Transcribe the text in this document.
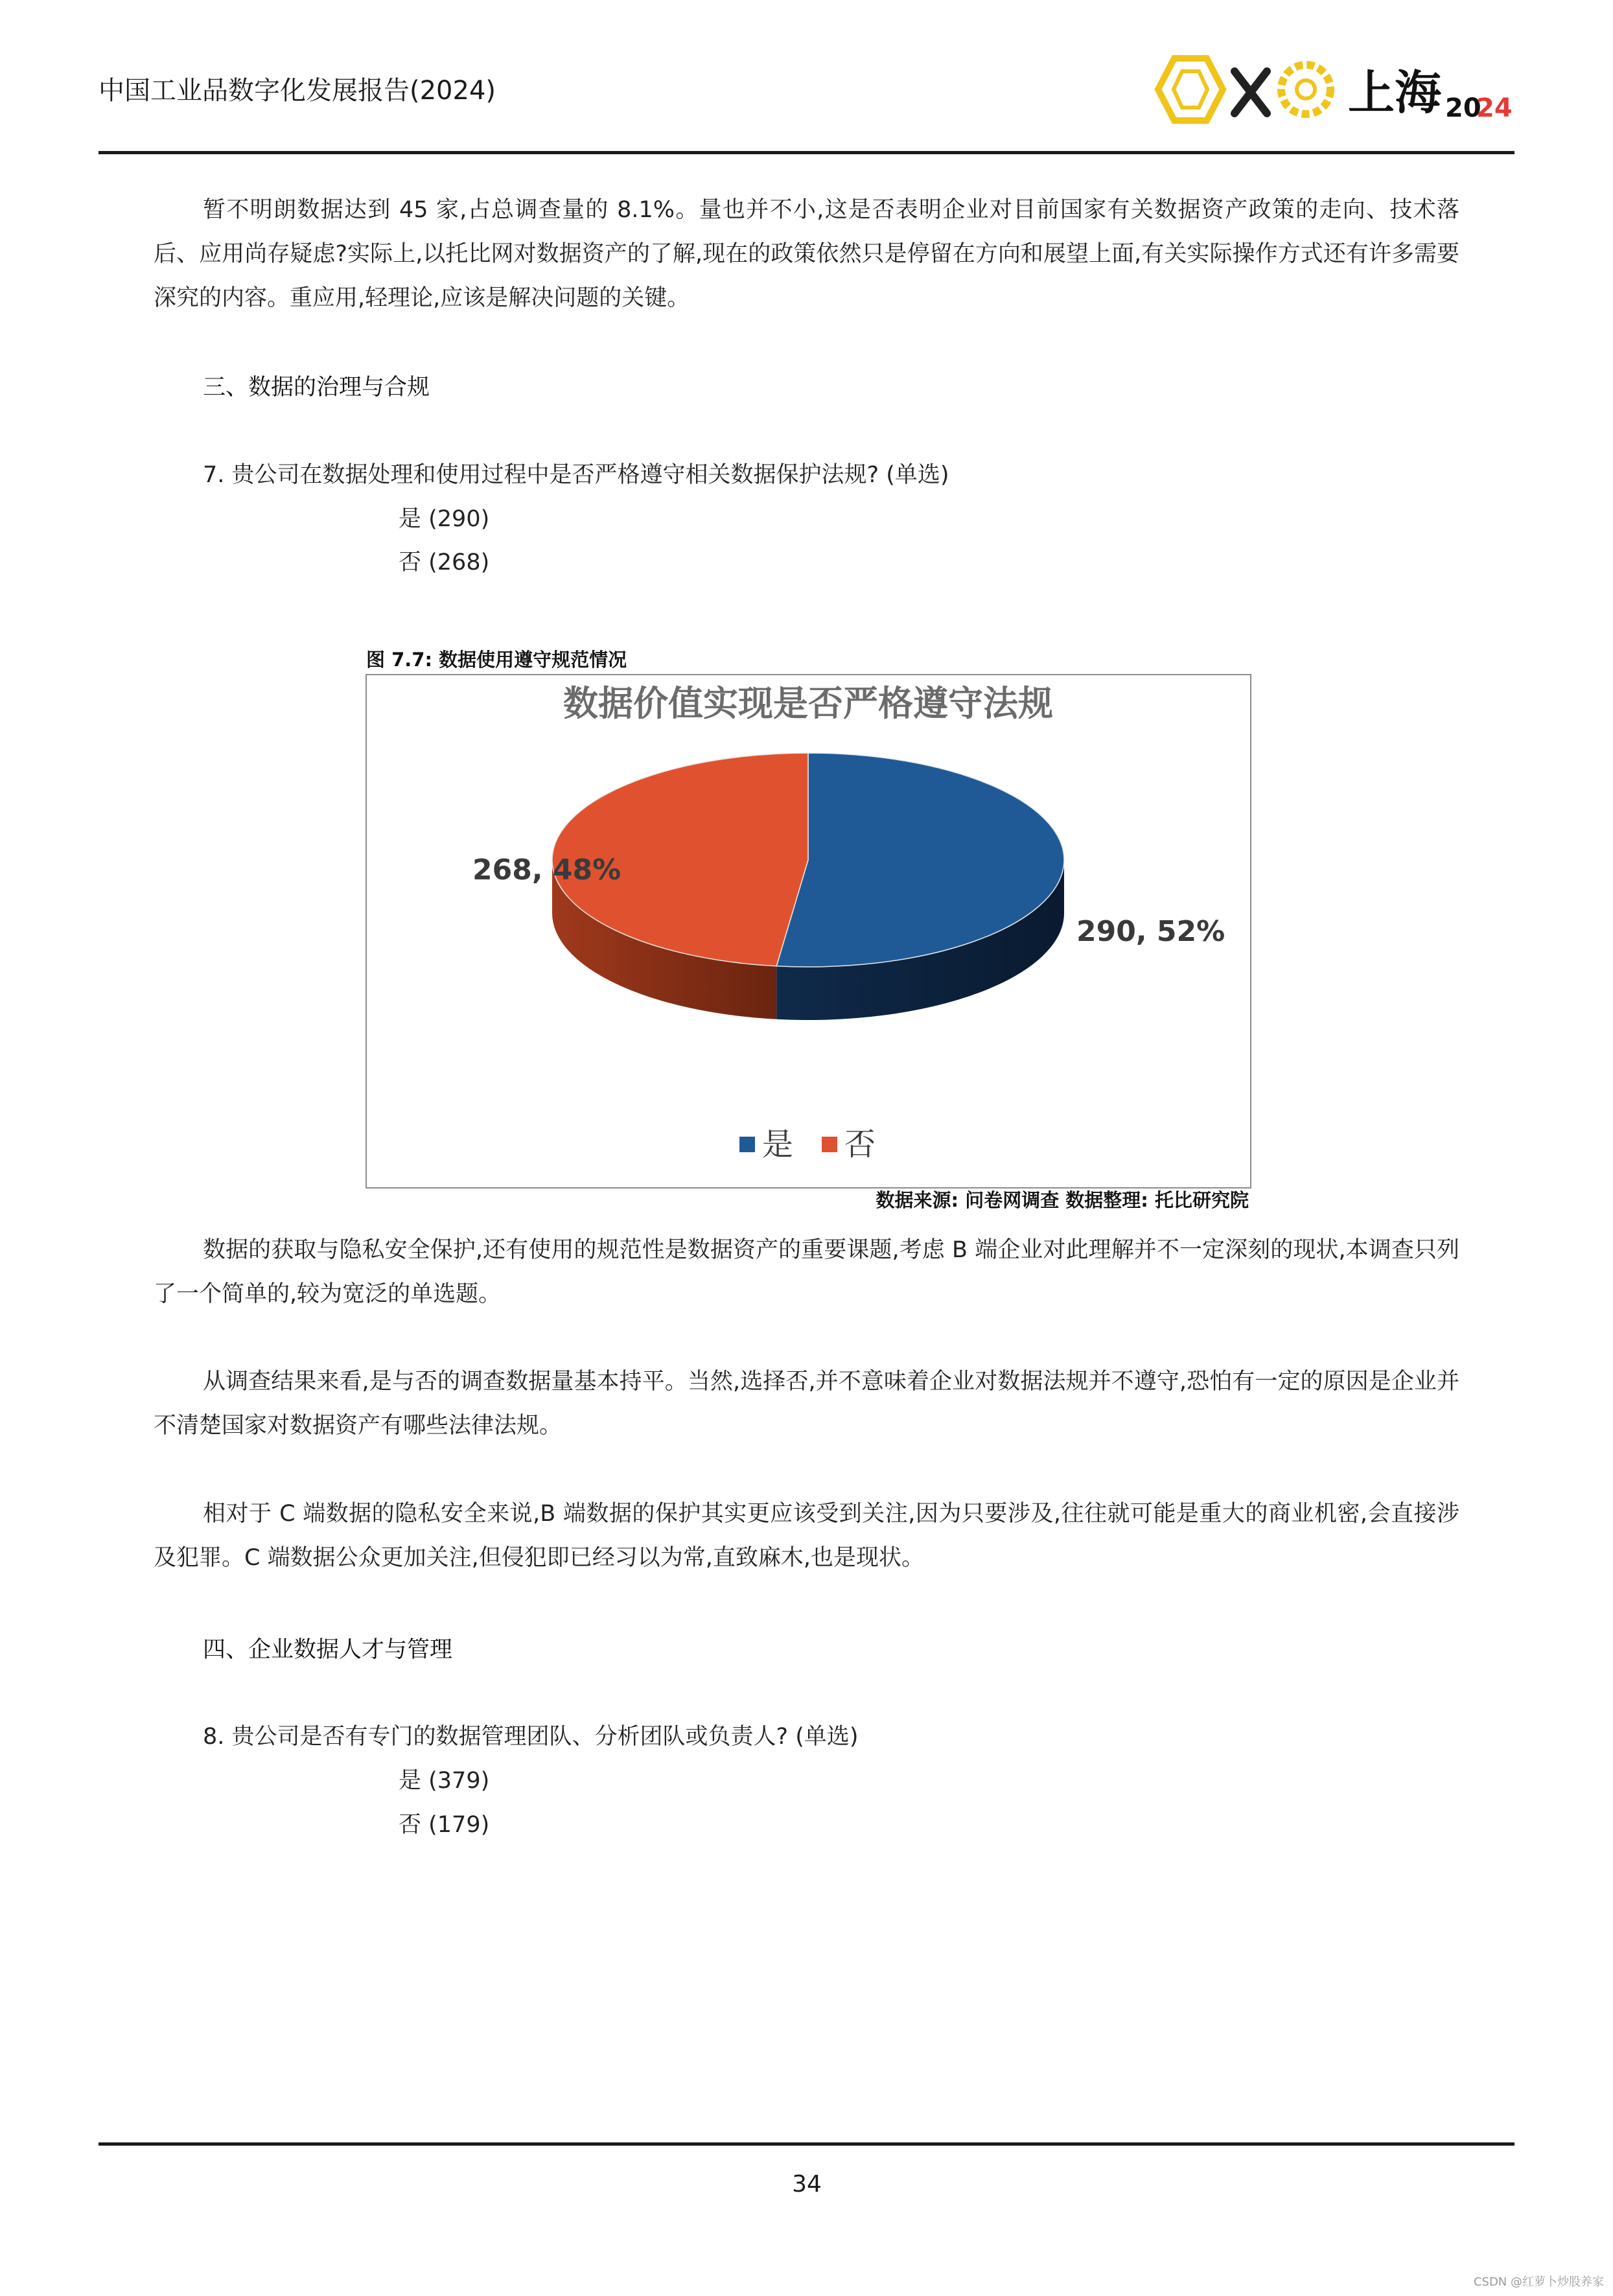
中国工业品数字化发展报告(2024)	上海 20
24
暂不明朗数据达到 45 家,占总调查量的 8.1%。量也并不小,这是否表明企业对目前国家有关数据资产政策的走向、技术落后、应用尚存疑虑?实际上,以托比网对数据资产的了解,现在的政策依然只是停留在方向和展望上面,有关实际操作方式还有许多需要深究的内容。重应用,轻理论,应该是解决问题的关键。
三、数据的治理与合规
7. 贵公司在数据处理和使用过程中是否严格遵守相关数据保护法规? (单选)
是 (290)
否 (268)
图 7.7: 数据使用遵守规范情况
数据价值实现是否严格遵守法规
268, 48%
290, 52%
是 否
数据来源: 问卷网调查 数据整理: 托比研究院
数据的获取与隐私安全保护,还有使用的规范性是数据资产的重要课题,考虑 B 端企业对此理解并不一定深刻的现状,本调查只列了一个简单的,较为宽泛的单选题。
从调查结果来看,是与否的调查数据量基本持平。当然,选择否,并不意味着企业对数据法规并不遵守,恐怕有一定的原因是企业并不清楚国家对数据资产有哪些法律法规。
相对于 C 端数据的隐私安全来说,B 端数据的保护其实更应该受到关注,因为只要涉及,往往就可能是重大的商业机密,会直接涉及犯罪。C 端数据公众更加关注,但侵犯即已经习以为常,直致麻木,也是现状。
四、企业数据人才与管理
8. 贵公司是否有专门的数据管理团队、分析团队或负责人? (单选)
是 (379)
否 (179)
34
CSDN @红萝卜炒股养家
